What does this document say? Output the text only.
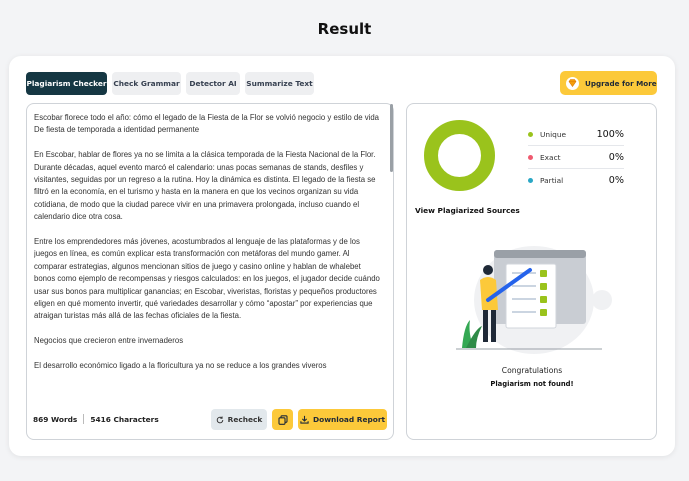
Result
Plagiarism Checker Check Grammar	Detector AI	Summarize Text	Upgrade for More

Escobar florece todo el año: cómo el legado de la Fiesta de la Flor se volvió negocio y estilo de vida
De fiesta de temporada a identidad permanente

En Escobar, hablar de flores ya no se limita a la clásica temporada de la Fiesta Nacional de la Flor. Durante décadas, aquel evento marcó el calendario: unas pocas semanas de stands, desfiles y visitantes, seguidas por un regreso a la rutina. Hoy la dinámica es distinta. El legado de la fiesta se filtró en la economía, en el turismo y hasta en la manera en que los vecinos organizan su vida cotidiana, de modo que la ciudad parece vivir en una primavera prolongada, incluso cuando el calendario dice otra cosa.

Entre los emprendedores más jóvenes, acostumbrados al lenguaje de las plataformas y de los juegos en línea, es común explicar esta transformación con metáforas del mundo gamer. Al comparar estrategias, algunos mencionan sitios de juego y casino online y hablan de whalebet bonos como ejemplo de recompensas y riesgos calculados: en los juegos, el jugador decide cuándo usar sus bonos para multiplicar ganancias; en Escobar, viveristas, floristas y pequeños productores eligen en qué momento invertir, qué variedades desarrollar y cómo “apostar” por experiencias que atraigan turistas más allá de las fechas oficiales de la fiesta.

Negocios que crecieron entre invernaderos

El desarrollo económico ligado a la floricultura ya no se reduce a los grandes viveros

869 Words 5416 Characters	Recheck	Download Report
Unique	100%
Exact	0%
Partial	0%
View Plagiarized Sources
Congratulations
Plagiarism not found!
